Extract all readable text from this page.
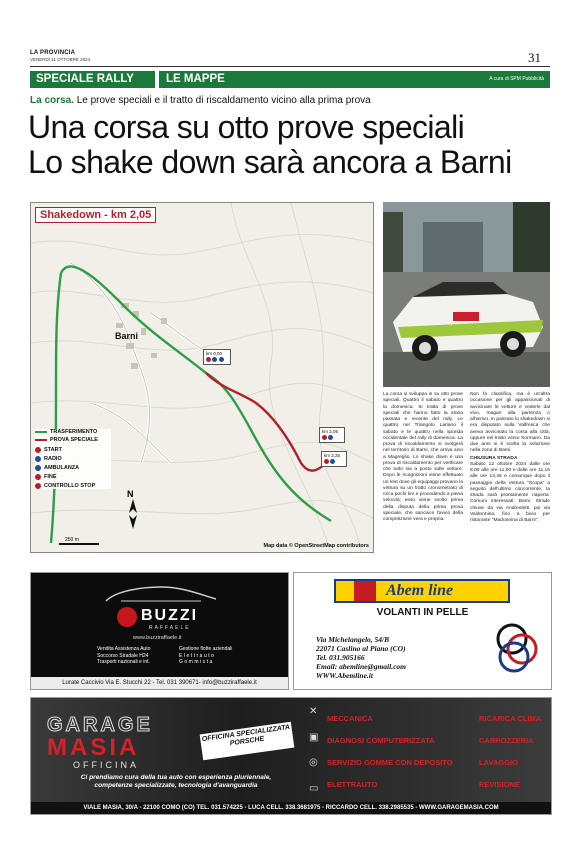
LA PROVINCIA
VENERDÌ 11 OTTOBRE 2024	31
SPECIALE RALLY	LE MAPPE	A cura di SPM Pubblicità
La corsa. Le prove speciali e il tratto di riscaldamento vicino alla prima prova
Una corsa su otto prove speciali
Lo shake down sarà ancora a Barni
N
250 m
Shakedown - km 2,05
Barni
km 0,00

km 2,05

km 2,25

TRASFERIMENTO
PROVA SPECIALE
START
RADIO
AMBULANZA
FINE
CONTROLLO STOP
Map data © OpenStreetMap contributors
La corsa si sviluppa in su otto prove speciali. Quattro il sabato e quattro la domenica. Si tratta di prove speciali che hanno fatto la storia passata e recente del rally. Le quattro nel Triangolo Lariano il sabato e le quattro nella sponda occidentale del rally di domenica. La prova di riscaldamento si svolgerà nel territorio di Barni, che arriva sino a Magreglio. Lo shake down è una prova di riscaldamento per verificare che tutto sia a posto sulle vetture. Dopo le ricognizioni viene effettuato un test dove gli equipaggi provano la vettura su un tratto cronometrato di circa pochi km e procedendo a piena velocità; esso viene svolto prima della disputa della prima prova speciale, che sancisce l'avvio della competizione vera e propria.
Non fa classifica, ma è un'altra occasione per gli appassionati di avvicinare le vetture e vederle dal vivo, magari alla partenza o all'arrivo. In passato lo shakedown si era disputato sulla Valfresca che aveva avvicinato la corsa alla città, oppure nel tratto verso Sormano. Da due anni si è scelta la soluzione nella zona di Barni.
CHIUSURA STRADA
Sabato 12 ottobre 2024 dalle ore 8,00 alle ore 11,00 e dalle ore 11,15 alle ore 13,45 e comunque dopo il passaggio della Vettura "Scopa" a seguito dell'ultimo concorrente, la strada sarà prontamente riaperta. Comuni interessati: Barni. Strade chiuse da via Andreoletti, poi via Valdonnina, fino a bivio per ristorante "Madonnina di Barni".
BUZZI
RAFFAELE
www.buzziraffaele.it
Vendita Assistenza Auto
Soccorso Stradale H24
Trasporti nazionali e int.
Gestione flotte aziendali
Elettrauto
Gommista
Lurate Caccivio Via E. Stucchi 22 - Tel. 031 390671- info@buzziraffaele.it
Abem line
VOLANTI IN PELLE
Via Michelangelo, 54/B
22071 Caslino al Piano (CO)
Tel. 031.905166
Email: abemline@gmail.com
WWW.Abemline.it
GARAGE
MASIA
OFFICINA
OFFICINA SPECIALIZZATA PORSCHE
✕
▣
◎
▭
MECCANICA
DIAGNOSI COMPUTERIZZATA
SERVIZIO GOMME CON DEPOSITO
ELETTRAUTO
RICARICA CLIMA
CARROZZERIA
LAVAGGIO
REVISIONE
Ci prendiamo cura della tua auto con esperienza pluriennale,
competenze specializzate, tecnologia d'avanguardia
VIALE MASIA, 30/A - 22100 COMO (CO) TEL. 031.574225 - LUCA CELL. 338.3681975 - RICCARDO CELL. 338.2985535 - WWW.GARAGEMASIA.COM
